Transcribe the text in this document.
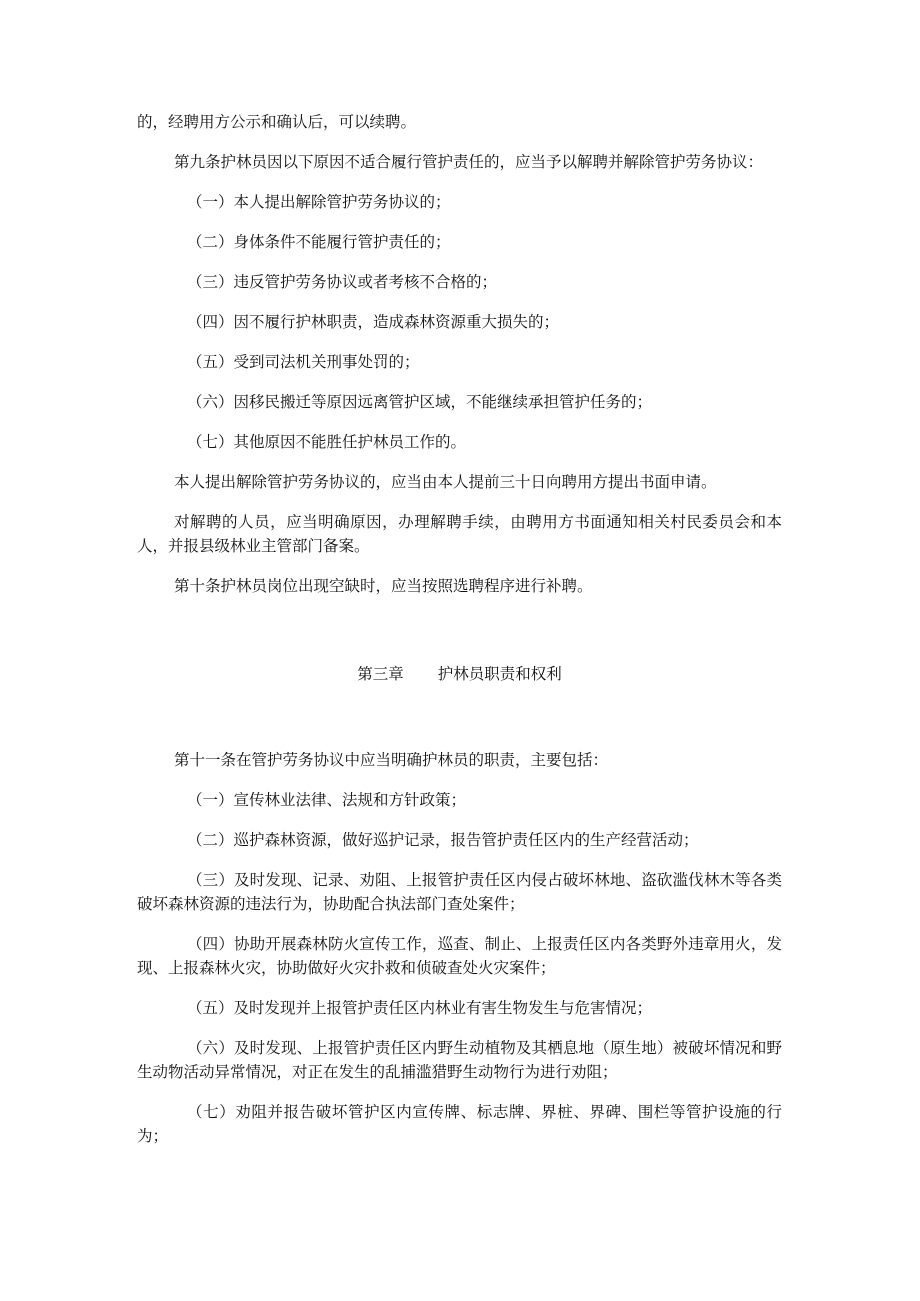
的，经聘用方公示和确认后，可以续聘。

第九条护林员因以下原因不适合履行管护责任的，应当予以解聘并解除管护劳务协议：

（一）本人提出解除管护劳务协议的；

（二）身体条件不能履行管护责任的；

（三）违反管护劳务协议或者考核不合格的；

（四）因不履行护林职责，造成森林资源重大损失的；

（五）受到司法机关刑事处罚的；

（六）因移民搬迁等原因远离管护区域，不能继续承担管护任务的；

（七）其他原因不能胜任护林员工作的。

本人提出解除管护劳务协议的，应当由本人提前三十日向聘用方提出书面申请。

对解聘的人员，应当明确原因，办理解聘手续，由聘用方书面通知相关村民委员会和本人，并报县级林业主管部门备案。

第十条护林员岗位出现空缺时，应当按照选聘程序进行补聘。

第三章 护林员职责和权利

第十一条在管护劳务协议中应当明确护林员的职责，主要包括：

（一）宣传林业法律、法规和方针政策；

（二）巡护森林资源，做好巡护记录，报告管护责任区内的生产经营活动；

（三）及时发现、记录、劝阻、上报管护责任区内侵占破坏林地、盗砍滥伐林木等各类破坏森林资源的违法行为，协助配合执法部门查处案件；

（四）协助开展森林防火宣传工作，巡查、制止、上报责任区内各类野外违章用火，发现、上报森林火灾，协助做好火灾扑救和侦破查处火灾案件；

（五）及时发现并上报管护责任区内林业有害生物发生与危害情况；

（六）及时发现、上报管护责任区内野生动植物及其栖息地（原生地）被破坏情况和野生动物活动异常情况，对正在发生的乱捕滥猎野生动物行为进行劝阻；

（七）劝阻并报告破坏管护区内宣传牌、标志牌、界桩、界碑、围栏等管护设施的行为；
